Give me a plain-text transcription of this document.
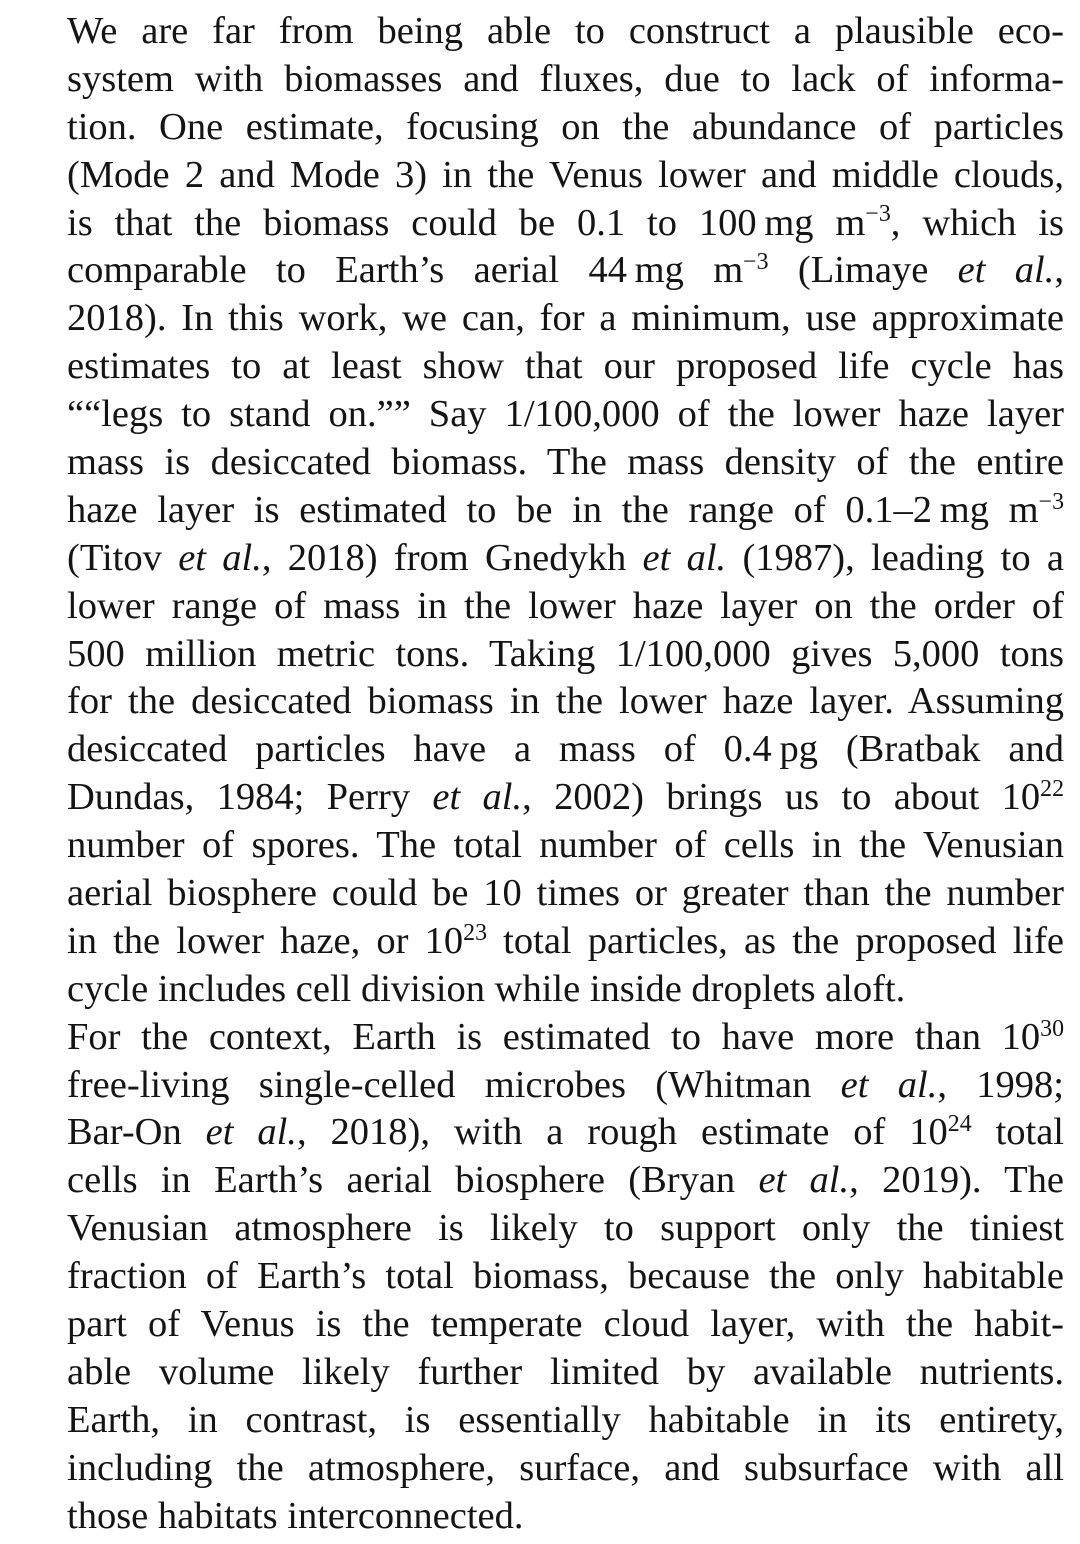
We are far from being able to construct a plausible eco-
system with biomasses and fluxes, due to lack of informa-
tion. One estimate, focusing on the abundance of particles
(Mode 2 and Mode 3) in the Venus lower and middle clouds,
is that the biomass could be 0.1 to 100 mg $m^{-3}$, which is
comparable to Earth’s aerial 44 mg $m^{-3}$ (Limaye et al.,
2018). In this work, we can, for a minimum, use approximate
estimates to at least show that our proposed life cycle has
““legs to stand on.”” Say 1/100,000 of the lower haze layer
mass is desiccated biomass. The mass density of the entire
haze layer is estimated to be in the range of 0.1–2 mg $m^{-3}$
(Titov et al., 2018) from Gnedykh et al. (1987), leading to a
lower range of mass in the lower haze layer on the order of
500 million metric tons. Taking 1/100,000 gives 5,000 tons
for the desiccated biomass in the lower haze layer. Assuming
desiccated particles have a mass of 0.4 pg (Bratbak and
Dundas, 1984; Perry et al., 2002) brings us to about $10^{22}$
number of spores. The total number of cells in the Venusian
aerial biosphere could be 10 times or greater than the number
in the lower haze, or $10^{23}$ total particles, as the proposed life
cycle includes cell division while inside droplets aloft.

For the context, Earth is estimated to have more than $10^{30}$
free-living single-celled microbes (Whitman et al., 1998;
Bar-On et al., 2018), with a rough estimate of $10^{24}$ total
cells in Earth’s aerial biosphere (Bryan et al., 2019). The
Venusian atmosphere is likely to support only the tiniest
fraction of Earth’s total biomass, because the only habitable
part of Venus is the temperate cloud layer, with the habit-
able volume likely further limited by available nutrients.
Earth, in contrast, is essentially habitable in its entirety,
including the atmosphere, surface, and subsurface with all
those habitats interconnected.
